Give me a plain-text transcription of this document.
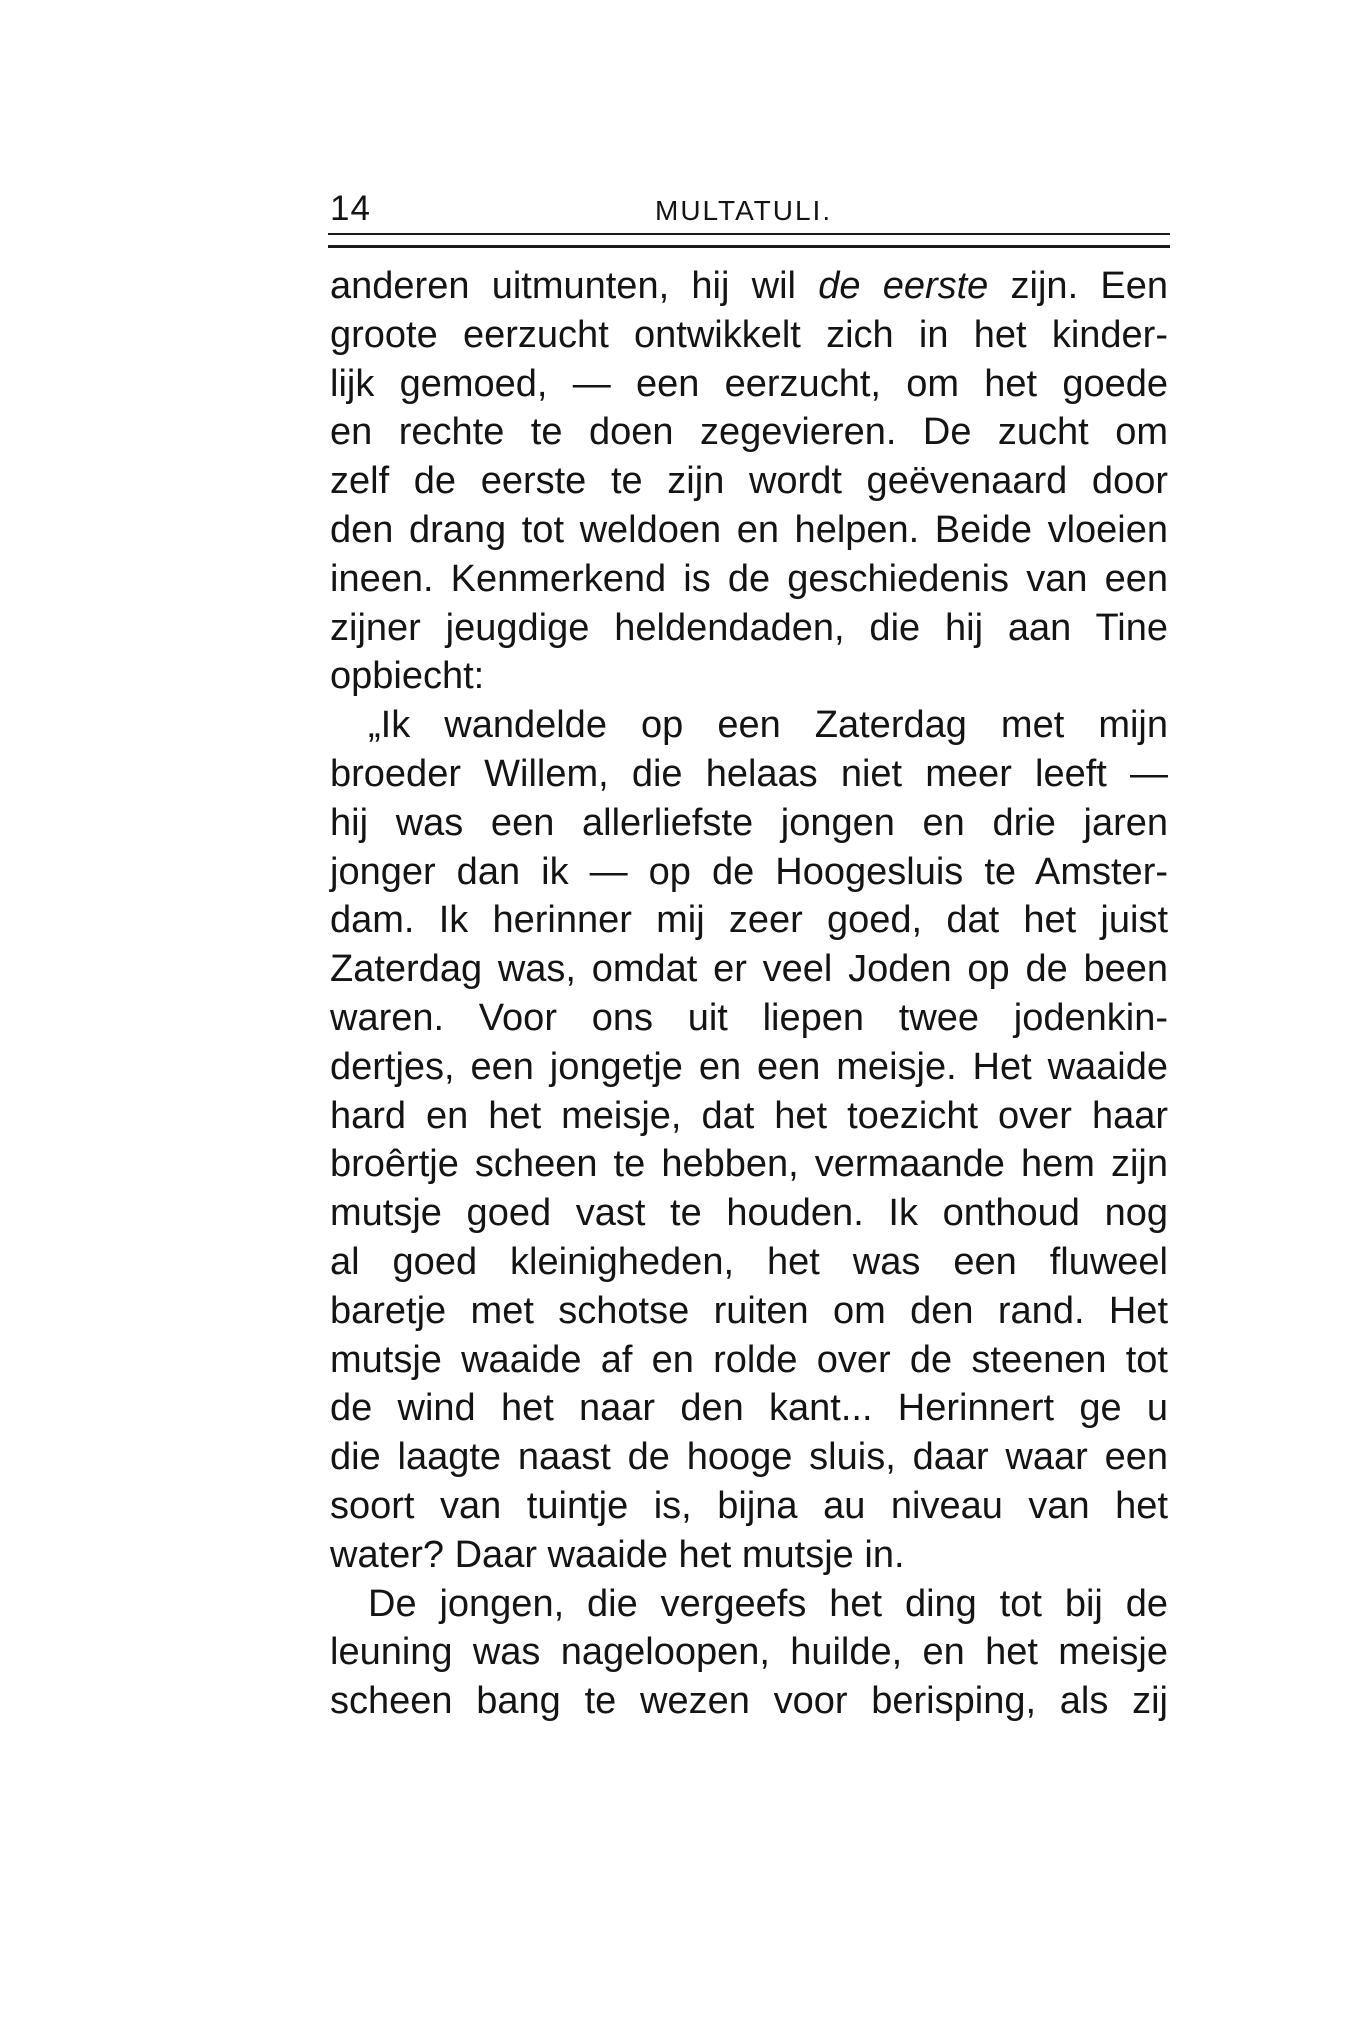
14	MULTATULI.
anderen uitmunten, hij wil de eerste zijn. Een
groote eerzucht ontwikkelt zich in het kinder-
lijk gemoed, — een eerzucht, om het goede
en rechte te doen zegevieren. De zucht om
zelf de eerste te zijn wordt geëvenaard door
den drang tot weldoen en helpen. Beide vloeien
ineen. Kenmerkend is de geschiedenis van een
zijner jeugdige heldendaden, die hij aan Tine
opbiecht:
„Ik wandelde op een Zaterdag met mijn
broeder Willem, die helaas niet meer leeft —
hij was een allerliefste jongen en drie jaren
jonger dan ik — op de Hoogesluis te Amster-
dam. Ik herinner mij zeer goed, dat het juist
Zaterdag was, omdat er veel Joden op de been
waren. Voor ons uit liepen twee jodenkin-
dertjes, een jongetje en een meisje. Het waaide
hard en het meisje, dat het toezicht over haar
broêrtje scheen te hebben, vermaande hem zijn
mutsje goed vast te houden. Ik onthoud nog
al goed kleinigheden, het was een fluweel
baretje met schotse ruiten om den rand. Het
mutsje waaide af en rolde over de steenen tot
de wind het naar den kant... Herinnert ge u
die laagte naast de hooge sluis, daar waar een
soort van tuintje is, bijna au niveau van het
water? Daar waaide het mutsje in.
De jongen, die vergeefs het ding tot bij de
leuning was nageloopen, huilde, en het meisje
scheen bang te wezen voor berisping, als zij
